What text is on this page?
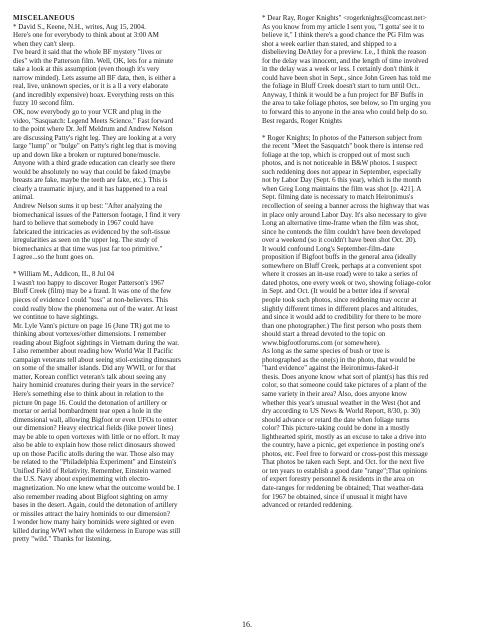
MISCELANEOUS

* David S., Keene, N.H., writes, Aug 15, 2004.
Here's one for everybody to think about at 3:00 AM
when they can't sleep.
I've heard it said that the whole BF mystery "lives or
dies" with the Patterson film. Well, OK, lets for a minute
take a look at this assumption (even though it's very
narrow minded). Lets assume all BF data, then, is either a
real, live, unknown species, or it is a ll a very elaborate
(and incredibly expensive) hoax. Everything rests on this
fuzzy 10 second film.
OK, now everybody go to your VCR and plug in the
video, "Sasquatch: Legend Meets Science." Fast forward
to the point where Dr. Jeff Meldrum and Andrew Nelson
are discussing Patty's right leg. They are looking at a very
large "lump" or "bulge" on Patty's right leg that is moving
up and down like a broken or ruptured bone/muscle.
Anyone with a third grade education can clearly see there
would be absolutely no way that could be faked (maybe
breasts are fake, maybe the teeth are fake, etc.). This is
clearly a traumatic injury, and it has happened to a real
animal.
Andrew Nelson sums it up best: "After analyzing the
biomechanical issues of the Patterson footage, I find it very
hard to believe that somebody in 1967 could have
fabricated the intricacies as evidenced by the soft-tissue
irregularities as seen on the upper leg. The study of
biomechanics at that time was just far too primitive."
I agree...so the hunt goes on.

* William M., Addicon, IL, 8 Jul 04
I wasn't too happy to discover Roger Patterson's 1967
Bluff Creek (film) may be a fraud. It was one of the few
pieces of evidence I could "toss" at non-believers. This
could really blow the phenomena out of the water. At least
we continue to have sightings.
Mr. Lyle Vann's picture on page 16 (June TR) got me to
thinking about vortexes/other dimensions. I remember
reading about Bigfoot sightings in Vietnam during the war.
I also remember about reading how World War II Pacific
campaign veterans tell about seeing stiol-existing dinosaurs
on some of the smaller islands. Did any WWII, or for that
matter, Korean conflict veteran's talk about seeing any
hairy hominid creatures during their years in the service?
Here's something else to think about in relation to the
picture 0n page 16. Could the detonation of artillery or
mortar or aerial bombardment tear open a hole in the
dimensional wall, allowing Bigfoot or even UFOs to enter
our dimension? Heavy electrical fields (like power lines)
may be able to open vortexes with little or no effort. It may
also be able to explain how those relict dinosaurs showed
up on those Pacific atolls during the war. Those also may
be related to the "Philadelphia Experiment" and Einstein's
Unified Field of Relativity. Remember, Einstein warned
the U.S. Navy about experimenting with electro-
magnetization. No one knew what the outcome would be. I
also remember reading about Bigfoot sighting on army
bases in the desert. Again, could the detonation of artillery
or missiles attract the hairy hominids to our dimension?
I wonder how many hairy hominids were sighted or even
killed during WWI when the wilderness in Europe was still
pretty "wild." Thanks for listening.

* Dear Ray, Roger Knights" <rogerknights@comcast.net>
As you know from my article I sent you, "I gotta' see it to
believe it," I think there's a good chance the PG Film was
shot a week earlier than stated, and shipped to a
disbelieving DeAtley for a preview. I.e., I think the reason
for the delay was innocent, and the length of time involved
in the delay was a week or less. I certainly don't think it
could have been shot in Sept., since John Green has told me
the foliage in Bluff Creek doesn't start to turn until Oct..
Anyway, I think it would be a fun project for BF Buffs in
the area to take foliage photos, see below, so I'm urging you
to forward this to anyone in the area who could help do so.
Best regards, Roger Knights

* Roger Knights; In photos of the Patterson subject from
the recent "Meet the Sasquatch" book there is intense red
foliage at the top, which is cropped out of most such
photos, and is not noticeable in B&W photos. I suspect
such reddening does not appear in September, especially
not by Labor Day (Sept. 6 this year), which is the month
when Greg Long maintains the film was shot [p. 421]. A
Sept. filming date is necessary to match Heironimus's
recollection of seeing a banner across the highway that was
in place only around Labor Day. It's also necessary to give
Long an alternative time-frame when the film was shot,
since he contends the film couldn't have been developed
over a weekend (so it couldn't have been shot Oct. 20).
It would confound Long's September-film-date
proposition if Bigfoot buffs in the general area (ideally
somewhere on Bluff Creek, perhaps at a convenient spot
where it crosses an in-use road) were to take a series of
dated photos, one every week or two, showing foliage-color
in Sept. and Oct. (It would be a better idea if several
people took such photos, since reddening may occur at
slightly different times in different places and altitudes,
and since it would add to credibility for there to be more
than one photographer.) The first person who posts them
should start a thread devoted to the topic on
www.bigfootforums.com (or somewhere).
As long as the same species of bush or tree is
photographed as the one(s) in the photo, that would be
"hard evidence" against the Heironimus-faked-it
thesis. Does anyone know what sort of plant(s) has this red
color, so that someone could take pictures of a plant of the
same variety in their area? Also, does anyone know
whether this year's unusual weather in the West (hot and
dry according to US News & World Report, 8/30, p. 30)
should advance or retard the date when foliage turns
color? This picture-taking could be done in a mostly
lighthearted spirit, mostly as an excuse to take a drive into
the country, have a picnic, get experience in posting one's
photos, etc. Feel free to forward or cross-post this message
That photos be taken each Sept. and Oct. for the next five
or ten years to establish a good date "range";That opinions
of expert forestry personnel & residents in the area on
date-ranges for reddening be obtained; That weather-data
for 1967 be obtained, since if unusual it might have
advanced or retarded reddening.

16.
